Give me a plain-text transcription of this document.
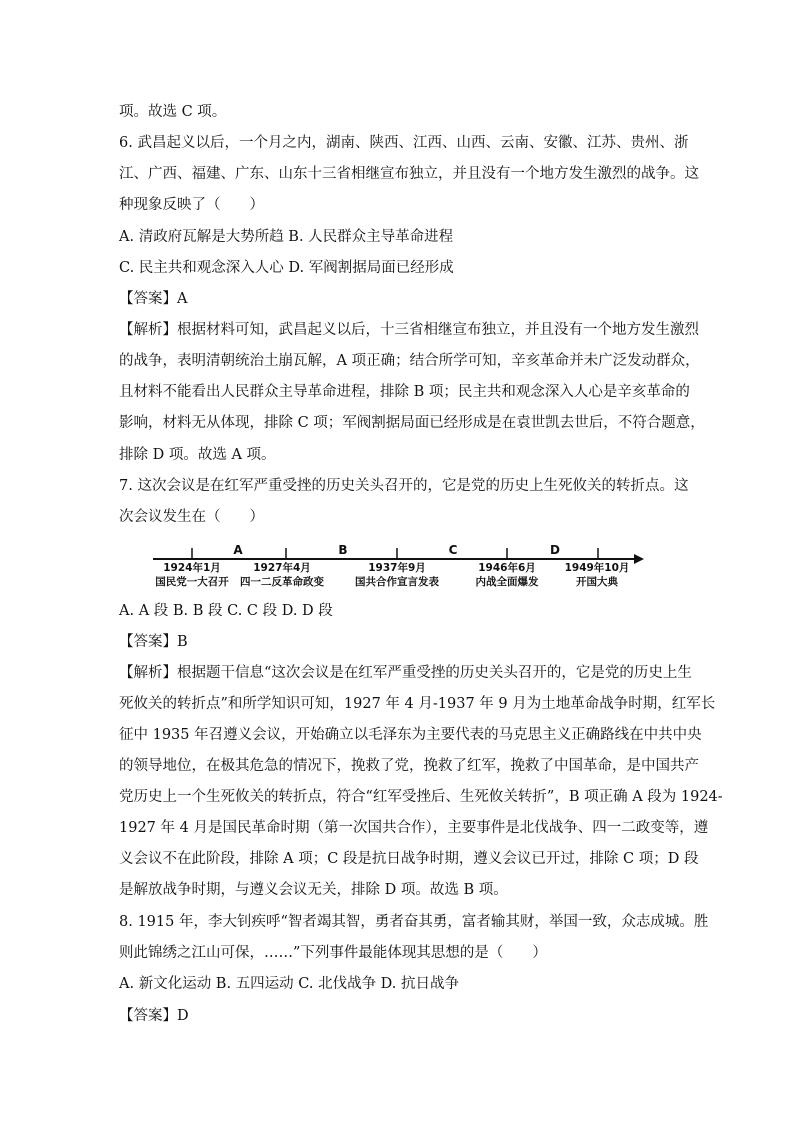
项。故选 C 项。
6. 武昌起义以后，一个月之内，湖南、陕西、江西、山西、云南、安徽、江苏、贵州、浙
江、广西、福建、广东、山东十三省相继宣布独立，并且没有一个地方发生激烈的战争。这
种现象反映了（　　）
A. 清政府瓦解是大势所趋 B. 人民群众主导革命进程
C. 民主共和观念深入人心 D. 军阀割据局面已经形成
【答案】A
【解析】根据材料可知，武昌起义以后，十三省相继宣布独立，并且没有一个地方发生激烈
的战争，表明清朝统治土崩瓦解，A 项正确；结合所学可知，辛亥革命并未广泛发动群众，
且材料不能看出人民群众主导革命进程，排除 B 项；民主共和观念深入人心是辛亥革命的
影响，材料无从体现，排除 C 项；军阀割据局面已经形成是在袁世凯去世后，不符合题意，
排除 D 项。故选 A 项。
7. 这次会议是在红军严重受挫的历史关头召开的，它是党的历史上生死攸关的转折点。这
次会议发生在（　　）
A	B	C	D
1924年1月	1927年4月	1937年9月	1946年6月	1949年10月
国民党一大召开 四一二反革命政变	国共合作宣言发表	内战全面爆发	开国大典
A. A 段 B. B 段 C. C 段 D. D 段
【答案】B
【解析】根据题干信息“这次会议是在红军严重受挫的历史关头召开的，它是党的历史上生
死攸关的转折点”和所学知识可知，1927 年 4 月-1937 年 9 月为土地革命战争时期，红军长
征中 1935 年召遵义会议，开始确立以毛泽东为主要代表的马克思主义正确路线在中共中央
的领导地位，在极其危急的情况下，挽救了党，挽救了红军，挽救了中国革命，是中国共产
党历史上一个生死攸关的转折点，符合“红军受挫后、生死攸关转折”，B 项正确 A 段为 1924-
1927 年 4 月是国民革命时期（第一次国共合作），主要事件是北伐战争、四一二政变等，遵
义会议不在此阶段，排除 A 项；C 段是抗日战争时期，遵义会议已开过，排除 C 项；D 段
是解放战争时期，与遵义会议无关，排除 D 项。故选 B 项。
8. 1915 年，李大钊疾呼“智者竭其智，勇者奋其勇，富者输其财，举国一致，众志成城。胜
则此锦绣之江山可保，……”下列事件最能体现其思想的是（　　）
A. 新文化运动 B. 五四运动 C. 北伐战争 D. 抗日战争
【答案】D
